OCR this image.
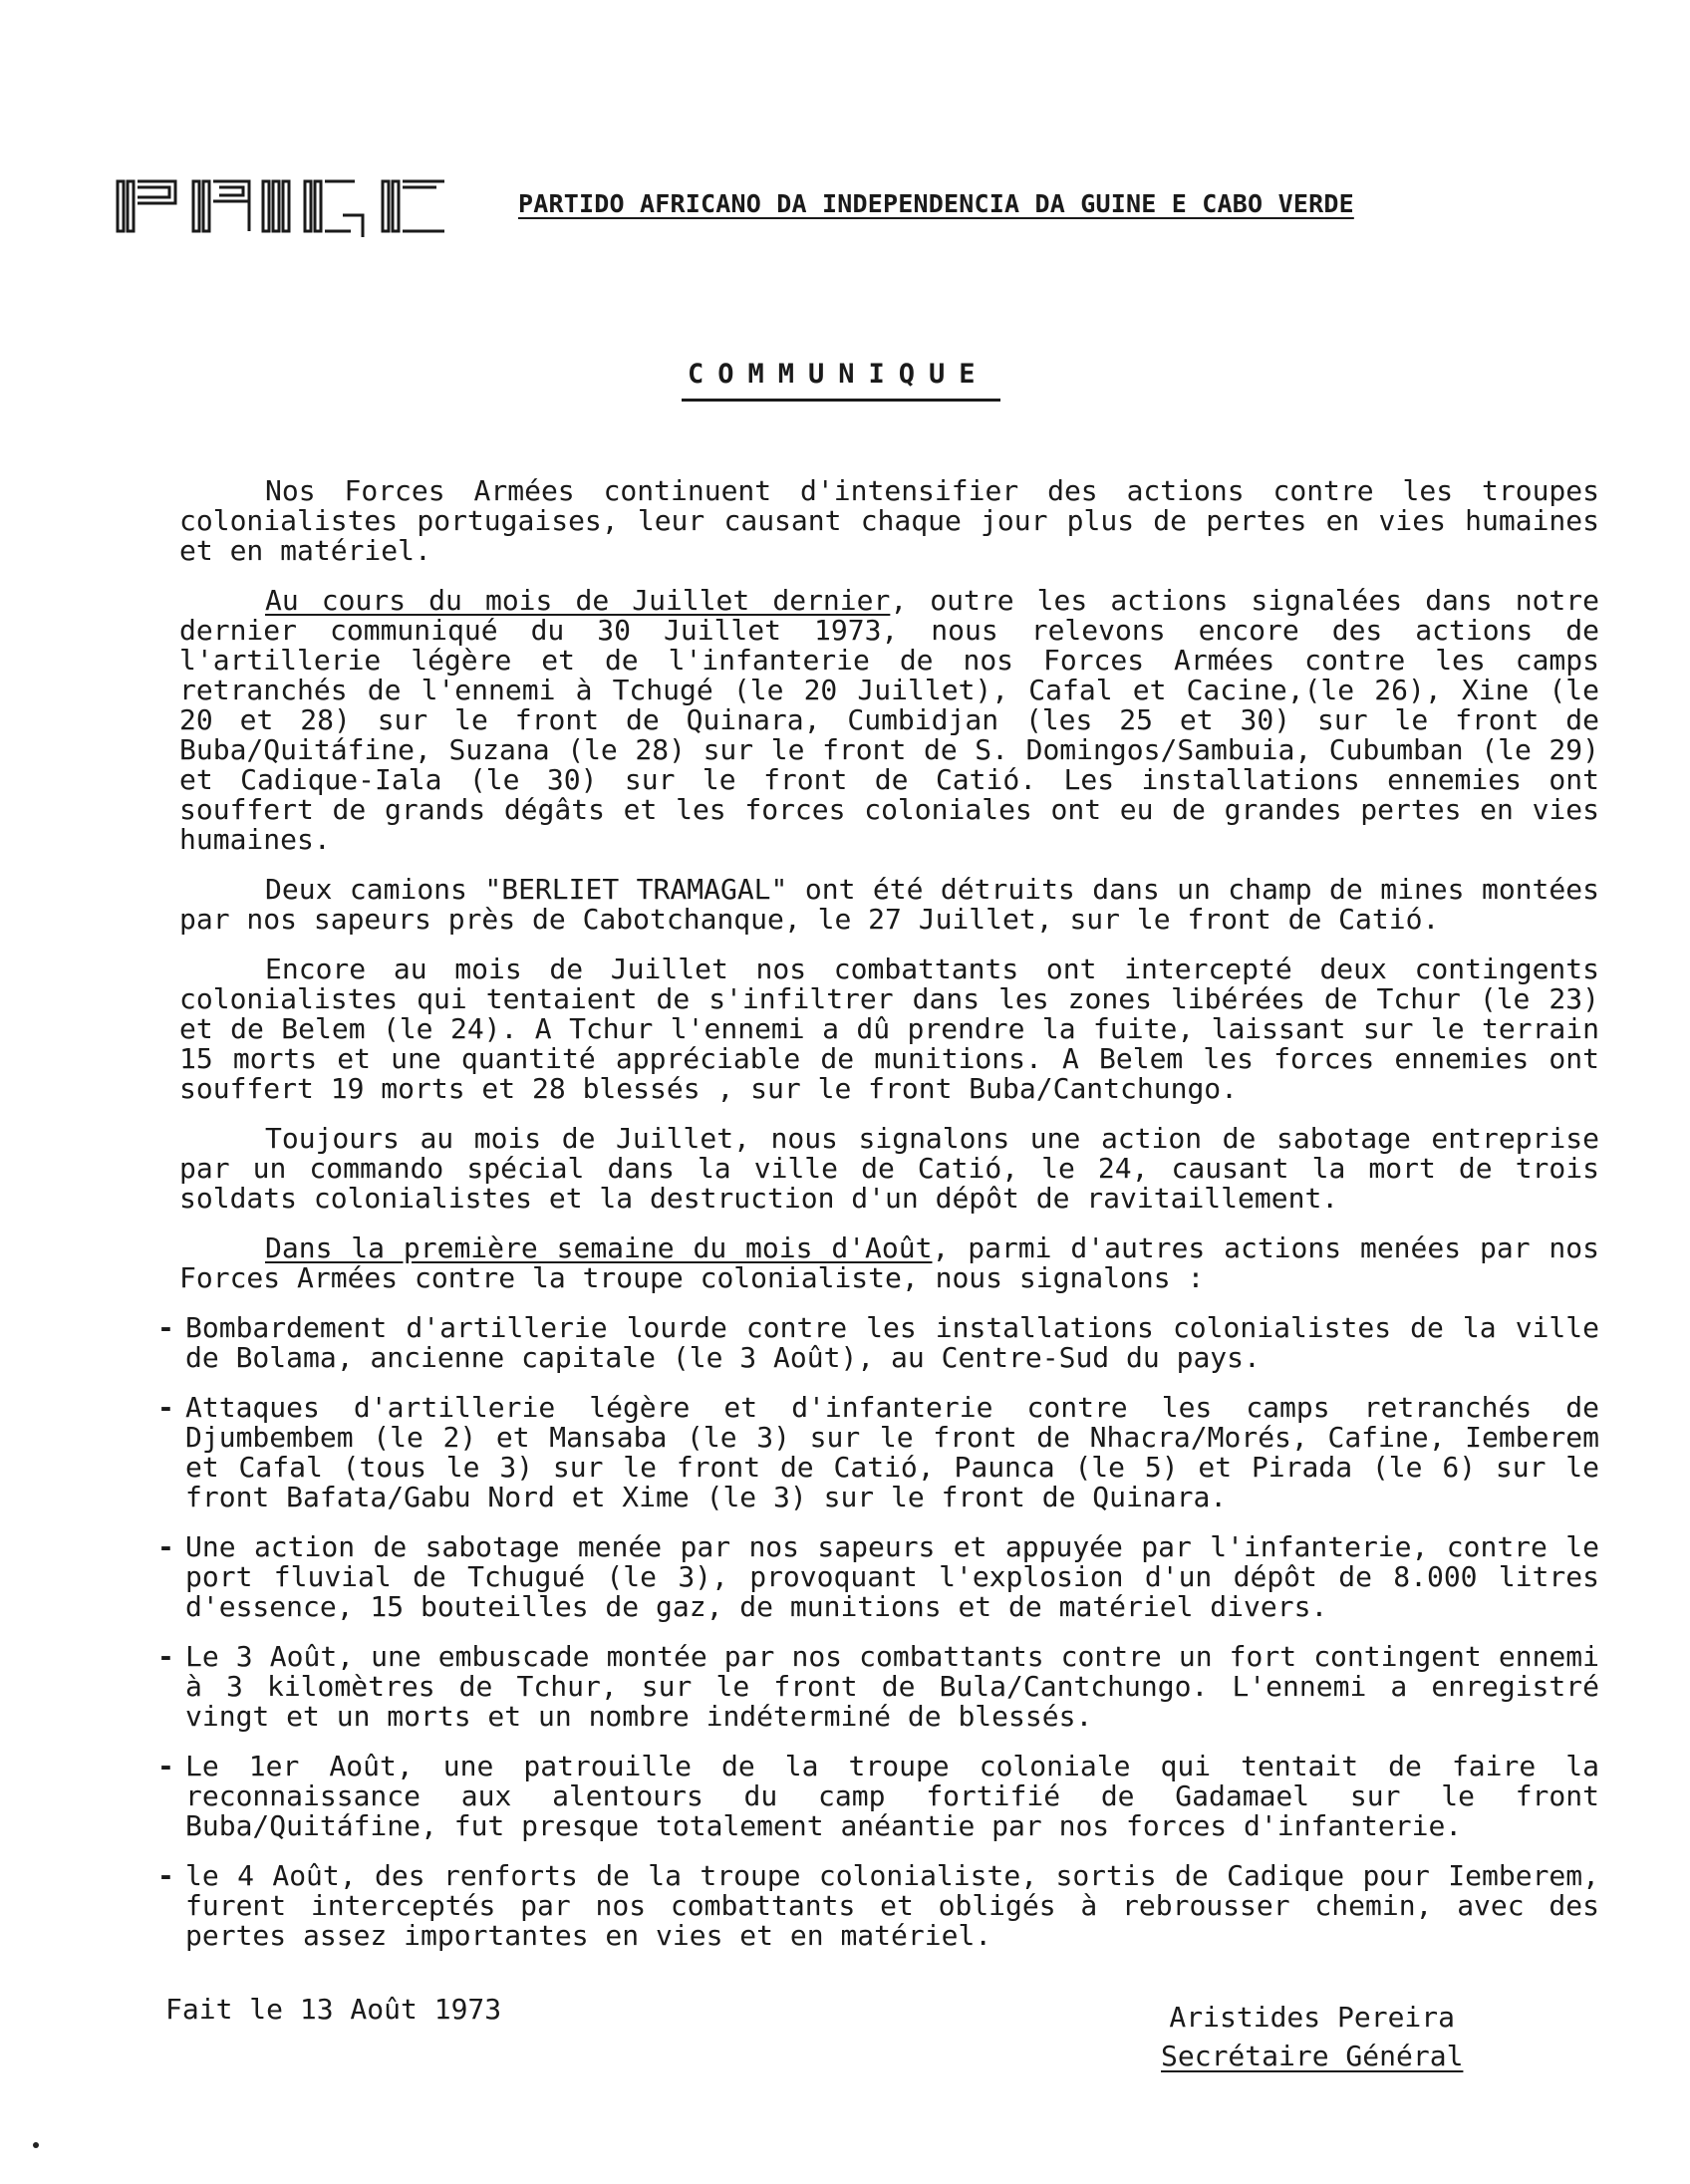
PARTIDO AFRICANO DA INDEPENDENCIA DA GUINE E CABO VERDE
COMMUNIQUE

Nos Forces Armées continuent d'intensifier des actions contre les troupes colonialistes portugaises, leur causant chaque jour plus de pertes en vies humaines et en matériel.

Au cours du mois de Juillet dernier, outre les actions signalées dans notre dernier communiqué du 30 Juillet 1973, nous relevons encore des actions de l'artillerie légère et de l'infanterie de nos Forces Armées contre les camps retranchés de l'ennemi à Tchugé (le 20 Juillet), Cafal et Cacine,(le 26), Xine (le 20 et 28) sur le front de Quinara, Cumbidjan (les 25 et 30) sur le front de Buba/Quitáfine, Suzana (le 28) sur le front de S. Domingos/Sambuia, Cubumban (le 29) et Cadique-Iala (le 30) sur le front de Catió. Les installations ennemies ont souffert de grands dégâts et les forces coloniales ont eu de grandes pertes en vies humaines.

Deux camions "BERLIET TRAMAGAL" ont été détruits dans un champ de mines montées par nos sapeurs près de Cabotchanque, le 27 Juillet, sur le front de Catió.

Encore au mois de Juillet nos combattants ont intercepté deux contingents colonialistes qui tentaient de s'infiltrer dans les zones libérées de Tchur (le 23) et de Belem (le 24). A Tchur l'ennemi a dû prendre la fuite, laissant sur le terrain 15 morts et une quantité appréciable de munitions. A Belem les forces ennemies ont souffert 19 morts et 28 blessés , sur le front Buba/Cantchungo.

Toujours au mois de Juillet, nous signalons une action de sabotage entreprise par un commando spécial dans la ville de Catió, le 24, causant la mort de trois soldats colonialistes et la destruction d'un dépôt de ravitaillement.

Dans la première semaine du mois d'Août, parmi d'autres actions menées par nos Forces Armées contre la troupe colonialiste, nous signalons :

- Bombardement d'artillerie lourde contre les installations colonialistes de la ville de Bolama, ancienne capitale (le 3 Août), au Centre-Sud du pays.
- Attaques d'artillerie légère et d'infanterie contre les camps retranchés de Djumbembem (le 2) et Mansaba (le 3) sur le front de Nhacra/Morés, Cafine, Iemberem et Cafal (tous le 3) sur le front de Catió, Paunca (le 5) et Pirada (le 6) sur le front Bafata/Gabu Nord et Xime (le 3) sur le front de Quinara.
- Une action de sabotage menée par nos sapeurs et appuyée par l'infanterie, contre le port fluvial de Tchugué (le 3), provoquant l'explosion d'un dépôt de 8.000 litres d'essence, 15 bouteilles de gaz, de munitions et de matériel divers.
- Le 3 Août, une embuscade montée par nos combattants contre un fort contingent ennemi à 3 kilomètres de Tchur, sur le front de Bula/Cantchungo. L'ennemi a enregistré vingt et un morts et un nombre indéterminé de blessés.
- Le 1er Août, une patrouille de la troupe coloniale qui tentait de faire la reconnaissance aux alentours du camp fortifié de Gadamael sur le front Buba/Quitáfine, fut presque totalement anéantie par nos forces d'infanterie.
- le 4 Août, des renforts de la troupe colonialiste, sortis de Cadique pour Iemberem, furent interceptés par nos combattants et obligés à rebrousser chemin, avec des pertes assez importantes en vies et en matériel.
Fait le 13 Août 1973	Aristides Pereira
Secrétaire Général
